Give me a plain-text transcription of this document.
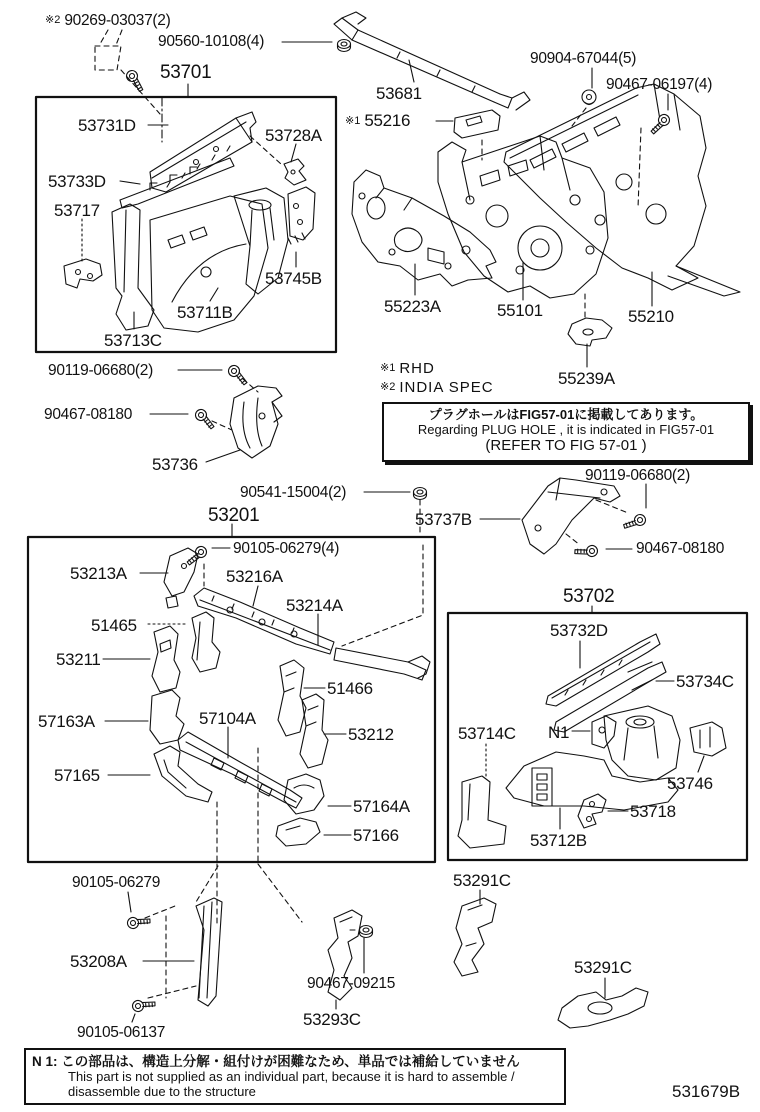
※2 90269-03037(2)
90560-10108(4)
53701
53731D
53728A
53733D
53717
53745B
53711B
53713C
53681
※1 55216
90904-67044(5)
90467-06197(4)
55223A	55101	55210
55239A
※1 RHD
※2 INDIA SPEC
90119-06680(2)
90467-08180
53736
90541-15004(2)
53737B
90119-06680(2)
90467-08180
53201
90105-06279(4)
53213A	53216A
53214A
51465
53211
51466
57163A	57104A
53212
57165
57164A
57166
53702
53732D
53734C
53714C N1
53746
53718
53712B
53291C
90105-06279
53208A
90467-09215
53293C
90105-06137
53291C
プラグホールはFIG57-01に掲載してあります。
Regarding PLUG HOLE , it is indicated in FIG57-01
(REFER TO FIG 57-01 )
N 1: この部品は、構造上分解・組付けが困難なため、単品では補給していません
This part is not supplied as an individual part, because it is hard to assemble /
disassemble due to the structure	531679B
